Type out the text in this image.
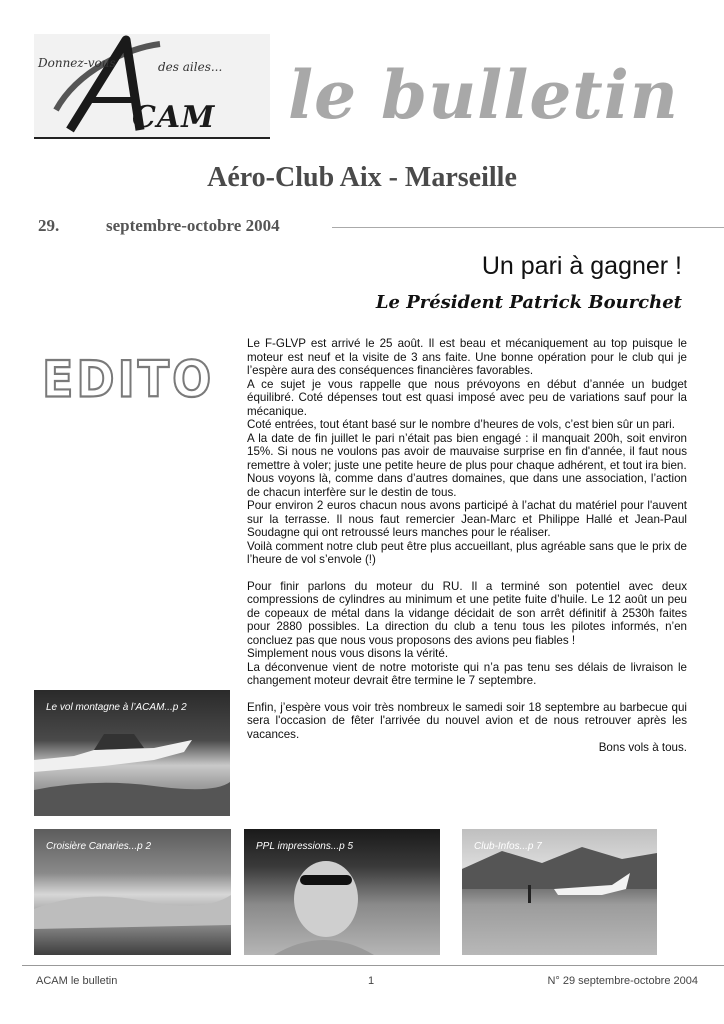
Donnez-vous	des ailes...
CAM le bulletin
Aéro-Club Aix - Marseille
29.	septembre-octobre 2004
Un pari à gagner !
Le Président Patrick Bourchet
EDITO

Le F-GLVP est arrivé le 25 août. Il est beau et mécaniquement au top puisque le moteur est neuf et la visite de 3 ans faite. Une bonne opération pour le club qui je l’espère aura des conséquences financières favorables.

A ce sujet je vous rappelle que nous prévoyons en début d’année un budget équilibré. Coté dépenses tout est quasi imposé avec peu de variations sauf pour la mécanique.

Coté entrées, tout étant basé sur le nombre d’heures de vols, c’est bien sûr un pari.

A la date de fin juillet le pari n’était pas bien engagé : il manquait 200h, soit environ 15%. Si nous ne voulons pas avoir de mauvaise surprise en fin d'année, il faut nous remettre à voler; juste une petite heure de plus pour chaque adhérent, et tout ira bien.

Nous voyons là, comme dans d’autres domaines, que dans une association, l’action de chacun interfère sur le destin de tous.

Pour environ 2 euros chacun nous avons participé à l’achat du matériel pour l'auvent sur la terrasse. Il nous faut remercier Jean-Marc et Philippe Hallé et Jean-Paul Soudagne qui ont retroussé leurs manches pour le réaliser.

Voilà comment notre club peut être plus accueillant, plus agréable sans que le prix de l’heure de vol s’envole (!)

Pour finir parlons du moteur du RU. Il a terminé son potentiel avec deux compressions de cylindres au minimum et une petite fuite d’huile. Le 12 août un peu de copeaux de métal dans la vidange décidait de son arrêt définitif à 2530h faites pour 2880 possibles. La direction du club a tenu tous les pilotes informés, n’en concluez pas que nous vous proposons des avions peu fiables !

Simplement nous vous disons la vérité.

La déconvenue vient de notre motoriste qui n’a pas tenu ses délais de livraison le changement moteur devrait être termine le 7 septembre.

Enfin, j’espère vous voir très nombreux le samedi soir 18 septembre au barbecue qui sera l'occasion de fêter l'arrivée du nouvel avion et de nous retrouver après les vacances.

Bons vols à tous.

Le vol montagne à l’ACAM...p 2
Croisière Canaries...p 2	PPL impressions...p 5	Club-Infos...p 7
ACAM le bulletin	1	N° 29 septembre-octobre 2004
